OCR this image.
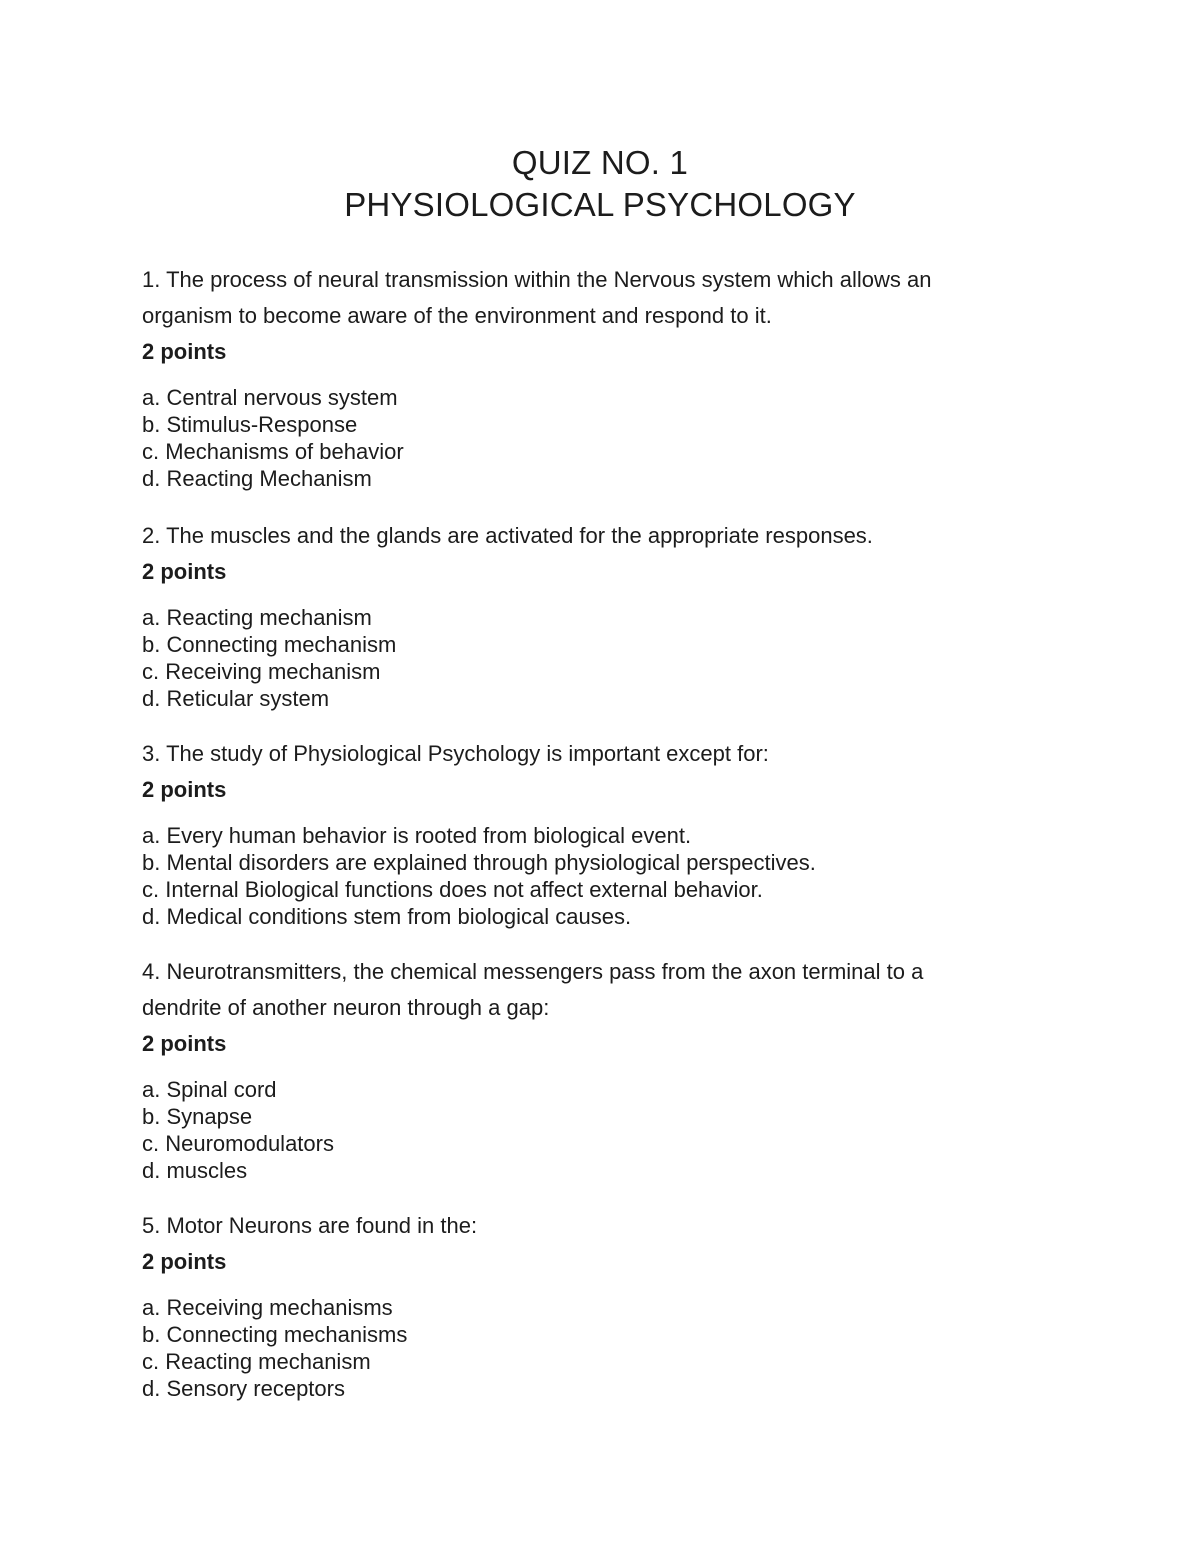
QUIZ NO. 1
PHYSIOLOGICAL PSYCHOLOGY

1. The process of neural transmission within the Nervous system which allows an
organism to become aware of the environment and respond to it.

2 points

a. Central nervous system
b. Stimulus-Response
c. Mechanisms of behavior
d. Reacting Mechanism

2. The muscles and the glands are activated for the appropriate responses.

2 points

a. Reacting mechanism
b. Connecting mechanism
c. Receiving mechanism
d. Reticular system

3. The study of Physiological Psychology is important except for:

2 points

a. Every human behavior is rooted from biological event.
b. Mental disorders are explained through physiological perspectives.
c. Internal Biological functions does not affect external behavior.
d. Medical conditions stem from biological causes.

4. Neurotransmitters, the chemical messengers pass from the axon terminal to a
dendrite of another neuron through a gap:

2 points

a. Spinal cord
b. Synapse
c. Neuromodulators
d. muscles

5. Motor Neurons are found in the:

2 points

a. Receiving mechanisms
b. Connecting mechanisms
c. Reacting mechanism
d. Sensory receptors
